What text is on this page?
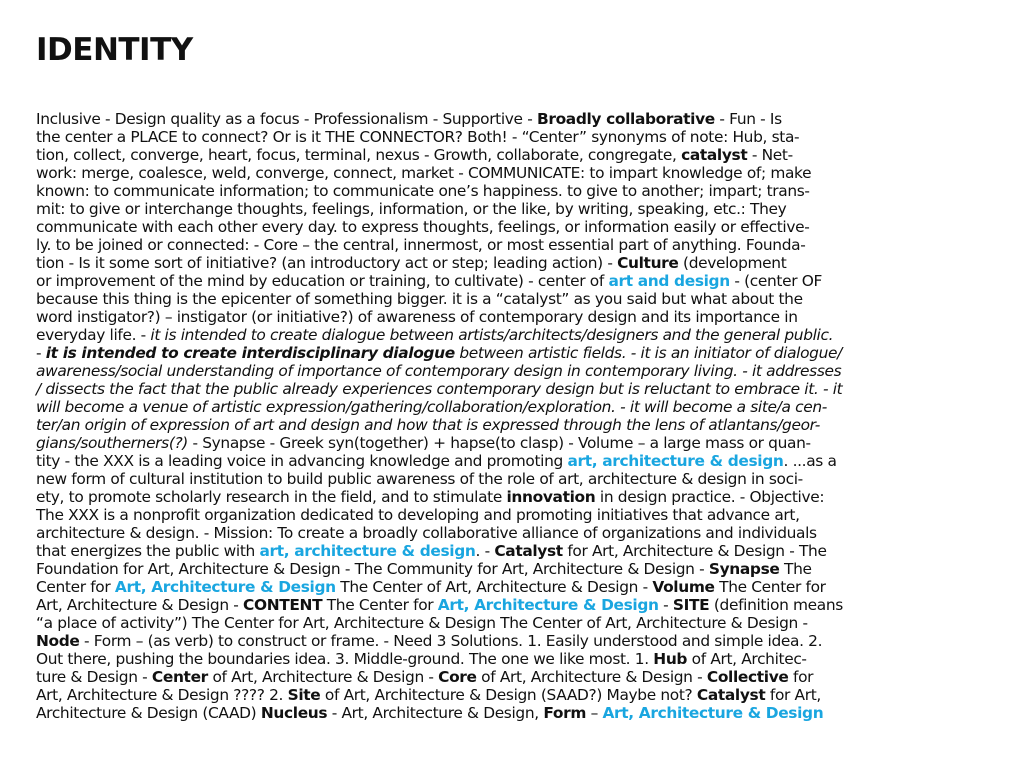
IDENTITY
Inclusive - Design quality as a focus - Professionalism - Supportive - Broadly collaborative - Fun - Is
the center a PLACE to connect? Or is it THE CONNECTOR? Both! - “Center” synonyms of note: Hub, sta-
tion, collect, converge, heart, focus, terminal, nexus - Growth, collaborate, congregate, catalyst - Net-
work: merge, coalesce, weld, converge, connect, market - COMMUNICATE: to impart knowledge of; make
known: to communicate information; to communicate one’s happiness. to give to another; impart; trans-
mit: to give or interchange thoughts, feelings, information, or the like, by writing, speaking, etc.: They
communicate with each other every day. to express thoughts, feelings, or information easily or effective-
ly. to be joined or connected: - Core – the central, innermost, or most essential part of anything. Founda-
tion - Is it some sort of initiative? (an introductory act or step; leading action) - Culture (development
or improvement of the mind by education or training, to cultivate) - center of art and design - (center OF
because this thing is the epicenter of something bigger. it is a “catalyst” as you said but what about the
word instigator?) – instigator (or initiative?) of awareness of contemporary design and its importance in
everyday life. - it is intended to create dialogue between artists/architects/designers and the general public.
- it is intended to create interdisciplinary dialogue between artistic fields. - it is an initiator of dialogue/
awareness/social understanding of importance of contemporary design in contemporary living. - it addresses
/ dissects the fact that the public already experiences contemporary design but is reluctant to embrace it. - it
will become a venue of artistic expression/gathering/collaboration/exploration. - it will become a site/a cen-
ter/an origin of expression of art and design and how that is expressed through the lens of atlantans/geor-
gians/southerners(?) - Synapse - Greek syn(together) + hapse(to clasp) - Volume – a large mass or quan-
tity - the XXX is a leading voice in advancing knowledge and promoting art, architecture & design. ...as a
new form of cultural institution to build public awareness of the role of art, architecture & design in soci-
ety, to promote scholarly research in the field, and to stimulate innovation in design practice. - Objective:
The XXX is a nonprofit organization dedicated to developing and promoting initiatives that advance art,
architecture & design. - Mission: To create a broadly collaborative alliance of organizations and individuals
that energizes the public with art, architecture & design. - Catalyst for Art, Architecture & Design - The
Foundation for Art, Architecture & Design - The Community for Art, Architecture & Design - Synapse The
Center for Art, Architecture & Design The Center of Art, Architecture & Design - Volume The Center for
Art, Architecture & Design - CONTENT The Center for Art, Architecture & Design - SITE (definition means
“a place of activity”) The Center for Art, Architecture & Design The Center of Art, Architecture & Design -
Node - Form – (as verb) to construct or frame. - Need 3 Solutions. 1. Easily understood and simple idea. 2.
Out there, pushing the boundaries idea. 3. Middle-ground. The one we like most. 1. Hub of Art, Architec-
ture & Design - Center of Art, Architecture & Design - Core of Art, Architecture & Design - Collective for
Art, Architecture & Design ???? 2. Site of Art, Architecture & Design (SAAD?) Maybe not? Catalyst for Art,
Architecture & Design (CAAD) Nucleus - Art, Architecture & Design, Form – Art, Architecture & Design
